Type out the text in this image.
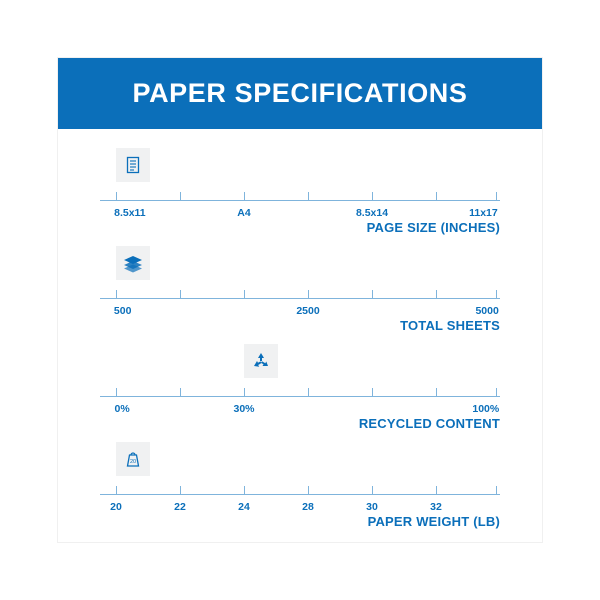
PAPER SPECIFICATIONS
8.5x11	A4	8.5x14	11x17
PAGE SIZE (INCHES)
500	2500	5000
TOTAL SHEETS
0%	30%	100%
RECYCLED CONTENT
20
20	22	24	28	30	32
PAPER WEIGHT (LB)
